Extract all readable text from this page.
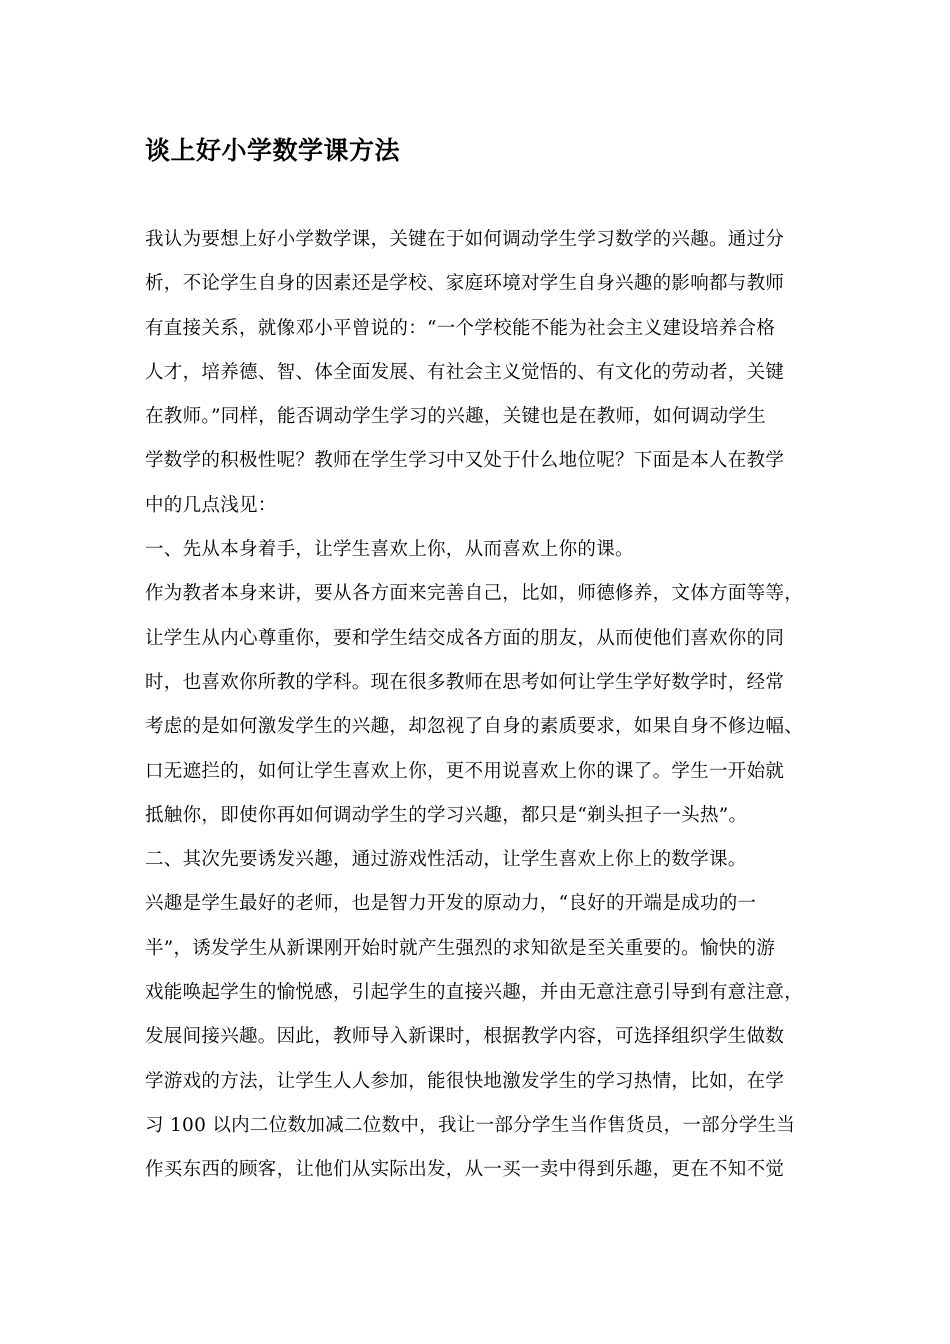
谈上好小学数学课方法
我认为要想上好小学数学课，关键在于如何调动学生学习数学的兴趣。通过分
析，不论学生自身的因素还是学校、家庭环境对学生自身兴趣的影响都与教师
有直接关系，就像邓小平曾说的：“一个学校能不能为社会主义建设培养合格
人才，培养德、智、体全面发展、有社会主义觉悟的、有文化的劳动者，关键
在教师。”同样，能否调动学生学习的兴趣，关键也是在教师，如何调动学生
学数学的积极性呢？教师在学生学习中又处于什么地位呢？下面是本人在教学
中的几点浅见：
一、先从本身着手，让学生喜欢上你，从而喜欢上你的课。
作为教者本身来讲，要从各方面来完善自己，比如，师德修养，文体方面等等，
让学生从内心尊重你，要和学生结交成各方面的朋友，从而使他们喜欢你的同
时，也喜欢你所教的学科。现在很多教师在思考如何让学生学好数学时，经常
考虑的是如何激发学生的兴趣，却忽视了自身的素质要求，如果自身不修边幅、
口无遮拦的，如何让学生喜欢上你，更不用说喜欢上你的课了。学生一开始就
抵触你，即使你再如何调动学生的学习兴趣，都只是“剃头担子一头热”。
二、其次先要诱发兴趣，通过游戏性活动，让学生喜欢上你上的数学课。
兴趣是学生最好的老师，也是智力开发的原动力，“良好的开端是成功的一
半”，诱发学生从新课刚开始时就产生强烈的求知欲是至关重要的。愉快的游
戏能唤起学生的愉悦感，引起学生的直接兴趣，并由无意注意引导到有意注意，
发展间接兴趣。因此，教师导入新课时，根据教学内容，可选择组织学生做数
学游戏的方法，让学生人人参加，能很快地激发学生的学习热情，比如，在学
习 100 以内二位数加减二位数中，我让一部分学生当作售货员，一部分学生当
作买东西的顾客，让他们从实际出发，从一买一卖中得到乐趣，更在不知不觉
